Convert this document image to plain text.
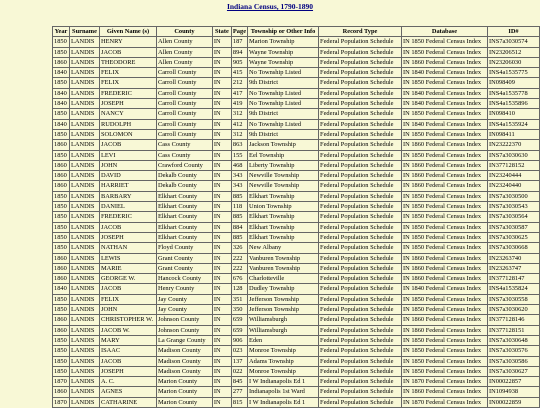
Indiana Census, 1790-1890
Year	Surname	Given Name (s)	County	State	Page	Township or Other Info	Record Type	Database	ID#
1850	LANDIS	HENRY	Allen County	IN	187	Marion Township	Federal Population Schedule	IN 1850 Federal Census Index	INS7a3030574
1850	LANDIS	JACOB	Allen County	IN	894	Wayne Township	Federal Population Schedule	IN 1850 Federal Census Index	IN23206512
1860	LANDIS	THEODORE	Allen County	IN	905	Wayne Township	Federal Population Schedule	IN 1860 Federal Census Index	IN23206030
1840	LANDIS	FELIX	Carroll County	IN	415	No Township Listed	Federal Population Schedule	IN 1840 Federal Census Index	INS4a1535775
1850	LANDIS	FELIX	Carroll County	IN	212	9th District	Federal Population Schedule	IN 1850 Federal Census Index	IN098409
1840	LANDIS	FREDERIC	Carroll County	IN	417	No Township Listed	Federal Population Schedule	IN 1840 Federal Census Index	INS4a1535778
1840	LANDIS	JOSEPH	Carroll County	IN	419	No Township Listed	Federal Population Schedule	IN 1840 Federal Census Index	INS4a1535896
1850	LANDIS	NANCY	Carroll County	IN	312	9th District	Federal Population Schedule	IN 1850 Federal Census Index	IN098410
1840	LANDIS	RUDOLPH	Carroll County	IN	412	No Township Listed	Federal Population Schedule	IN 1840 Federal Census Index	INS4a1535924
1850	LANDIS	SOLOMON	Carroll County	IN	312	9th District	Federal Population Schedule	IN 1850 Federal Census Index	IN098411
1860	LANDIS	JACOB	Cass County	IN	863	Jackson Township	Federal Population Schedule	IN 1860 Federal Census Index	IN23222370
1850	LANDIS	LEVI	Cass County	IN	155	Eel Township	Federal Population Schedule	IN 1850 Federal Census Index	INS7a3030630
1860	LANDIS	JOHN	Crawford County	IN	468	Liberty Township	Federal Population Schedule	IN 1860 Federal Census Index	IN377128152
1860	LANDIS	DAVID	Dekalb County	IN	343	Newville Township	Federal Population Schedule	IN 1860 Federal Census Index	IN23240444
1860	LANDIS	HARRIET	Dekalb County	IN	343	Newville Township	Federal Population Schedule	IN 1860 Federal Census Index	IN23240440
1850	LANDIS	BARBARY	Elkhart County	IN	885	Elkhart Township	Federal Population Schedule	IN 1850 Federal Census Index	INS7a3030500
1850	LANDIS	DANIEL	Elkhart County	IN	118	Union Township	Federal Population Schedule	IN 1850 Federal Census Index	INS7a3030543
1850	LANDIS	FREDERIC	Elkhart County	IN	885	Elkhart Township	Federal Population Schedule	IN 1850 Federal Census Index	INS7a3030564
1850	LANDIS	JACOB	Elkhart County	IN	884	Elkhart Township	Federal Population Schedule	IN 1850 Federal Census Index	INS7a3030587
1850	LANDIS	JOSEPH	Elkhart County	IN	885	Elkhart Township	Federal Population Schedule	IN 1850 Federal Census Index	INS7a3030625
1850	LANDIS	NATHAN	Floyd County	IN	326	New Albany	Federal Population Schedule	IN 1850 Federal Census Index	INS7a3030668
1860	LANDIS	LEWIS	Grant County	IN	222	Vanburen Township	Federal Population Schedule	IN 1860 Federal Census Index	IN23263740
1860	LANDIS	MARIE	Grant County	IN	222	Vanburen Township	Federal Population Schedule	IN 1860 Federal Census Index	IN23263747
1860	LANDIS	GEORGE W.	Hancock County	IN	676	Charlotteville	Federal Population Schedule	IN 1860 Federal Census Index	IN377128147
1840	LANDIS	JACOB	Henry County	IN	128	Dudley Township	Federal Population Schedule	IN 1840 Federal Census Index	INS4a1535824
1850	LANDIS	FELIX	Jay County	IN	351	Jefferson Township	Federal Population Schedule	IN 1850 Federal Census Index	INS7a3030558
1850	LANDIS	JOHN	Jay County	IN	350	Jefferson Township	Federal Population Schedule	IN 1850 Federal Census Index	INS7a3030620
1860	LANDIS	CHRISTOPHER W.	Johnson County	IN	659	Williamsburgh	Federal Population Schedule	IN 1860 Federal Census Index	IN377128146
1860	LANDIS	JACOB W.	Johnson County	IN	659	Williamsburgh	Federal Population Schedule	IN 1860 Federal Census Index	IN377128151
1850	LANDIS	MARY	La Grange County	IN	906	Eden	Federal Population Schedule	IN 1850 Federal Census Index	INS7a3030648
1850	LANDIS	ISAAC	Madison County	IN	023	Monroe Township	Federal Population Schedule	IN 1850 Federal Census Index	INS7a3030576
1850	LANDIS	JACOB	Madison County	IN	137	Adams Township	Federal Population Schedule	IN 1850 Federal Census Index	INS7a3030586
1850	LANDIS	JOSEPH	Madison County	IN	022	Monroe Township	Federal Population Schedule	IN 1850 Federal Census Index	INS7a3030627
1870	LANDIS	A. C.	Marion County	IN	845	I W Indianapolis Ed 1	Federal Population Schedule	IN 1870 Federal Census Index	IN00022857
1860	LANDIS	AGNES	Marion County	IN	277	Indianapolis 1st Ward	Federal Population Schedule	IN 1860 Federal Census Index	IN1094938
1870	LANDIS	CATHARINE	Marion County	IN	815	I W Indianapolis Ed 1	Federal Population Schedule	IN 1870 Federal Census Index	IN00022859
